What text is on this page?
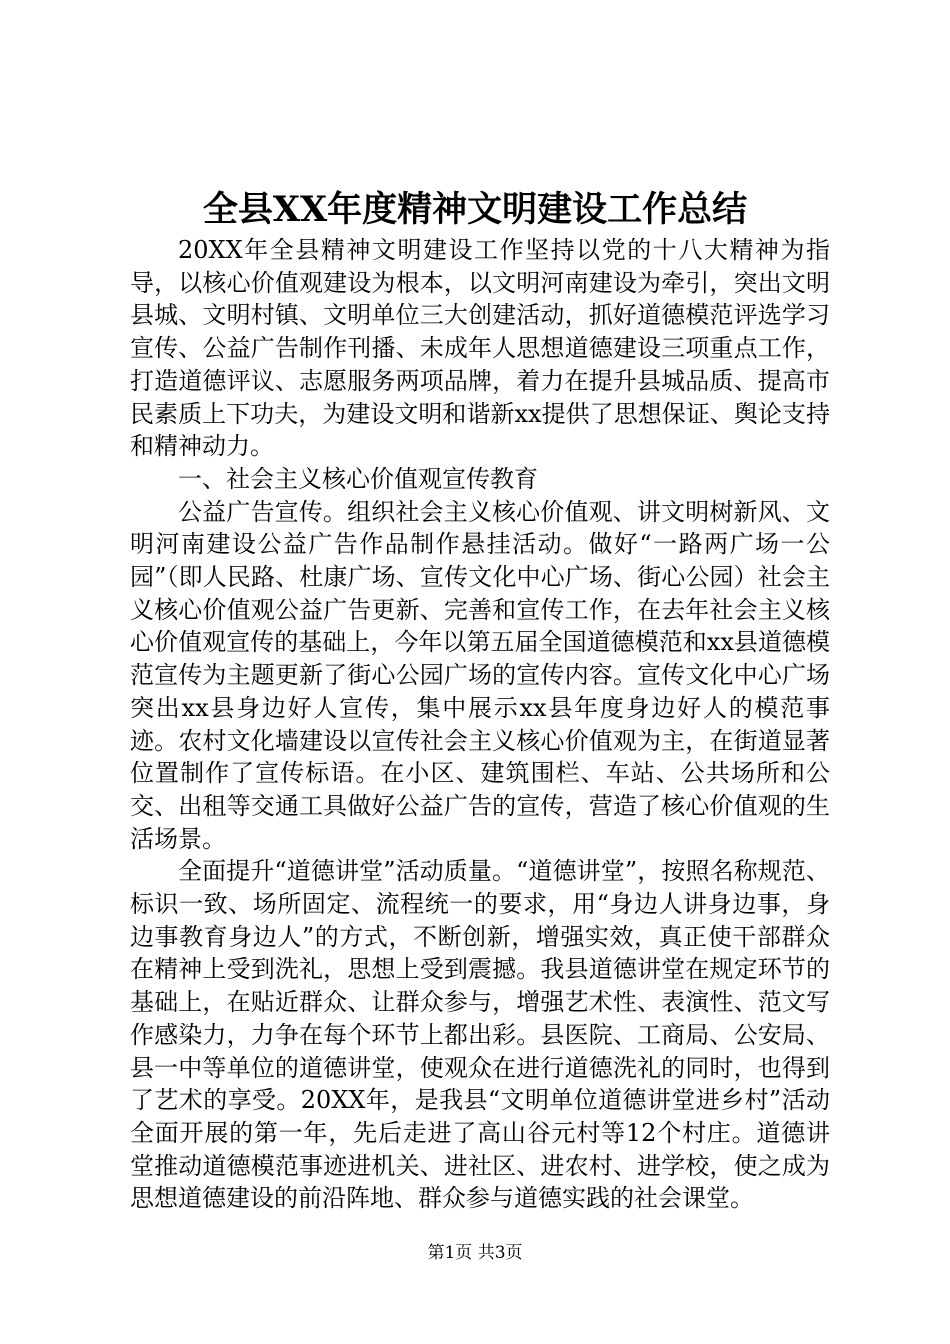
全县XX年度精神文明建设工作总结

20XX年全县精神文明建设工作坚持以党的十八大精神为指导，以核心价值观建设为根本，以文明河南建设为牵引，突出文明县城、文明村镇、文明单位三大创建活动，抓好道德模范评选学习宣传、公益广告制作刊播、未成年人思想道德建设三项重点工作，打造道德评议、志愿服务两项品牌，着力在提升县城品质、提高市民素质上下功夫，为建设文明和谐新xx提供了思想保证、舆论支持和精神动力。

一、社会主义核心价值观宣传教育

公益广告宣传。组织社会主义核心价值观、讲文明树新风、文明河南建设公益广告作品制作悬挂活动。做好“一路两广场一公园”（即人民路、杜康广场、宣传文化中心广场、街心公园）社会主义核心价值观公益广告更新、完善和宣传工作，在去年社会主义核心价值观宣传的基础上，今年以第五届全国道德模范和xx县道德模范宣传为主题更新了街心公园广场的宣传内容。宣传文化中心广场突出xx县身边好人宣传，集中展示xx县年度身边好人的模范事迹。农村文化墙建设以宣传社会主义核心价值观为主，在街道显著位置制作了宣传标语。在小区、建筑围栏、车站、公共场所和公交、出租等交通工具做好公益广告的宣传，营造了核心价值观的生活场景。

全面提升“道德讲堂”活动质量。“道德讲堂”，按照名称规范、标识一致、场所固定、流程统一的要求，用“身边人讲身边事，身边事教育身边人”的方式，不断创新，增强实效，真正使干部群众在精神上受到洗礼，思想上受到震撼。我县道德讲堂在规定环节的基础上，在贴近群众、让群众参与，增强艺术性、表演性、范文写作感染力，力争在每个环节上都出彩。县医院、工商局、公安局、县一中等单位的道德讲堂，使观众在进行道德洗礼的同时，也得到了艺术的享受。20XX年，是我县“文明单位道德讲堂进乡村”活动全面开展的第一年，先后走进了高山谷元村等12个村庄。道德讲堂推动道德模范事迹进机关、进社区、进农村、进学校，使之成为思想道德建设的前沿阵地、群众参与道德实践的社会课堂。

第1页 共3页
